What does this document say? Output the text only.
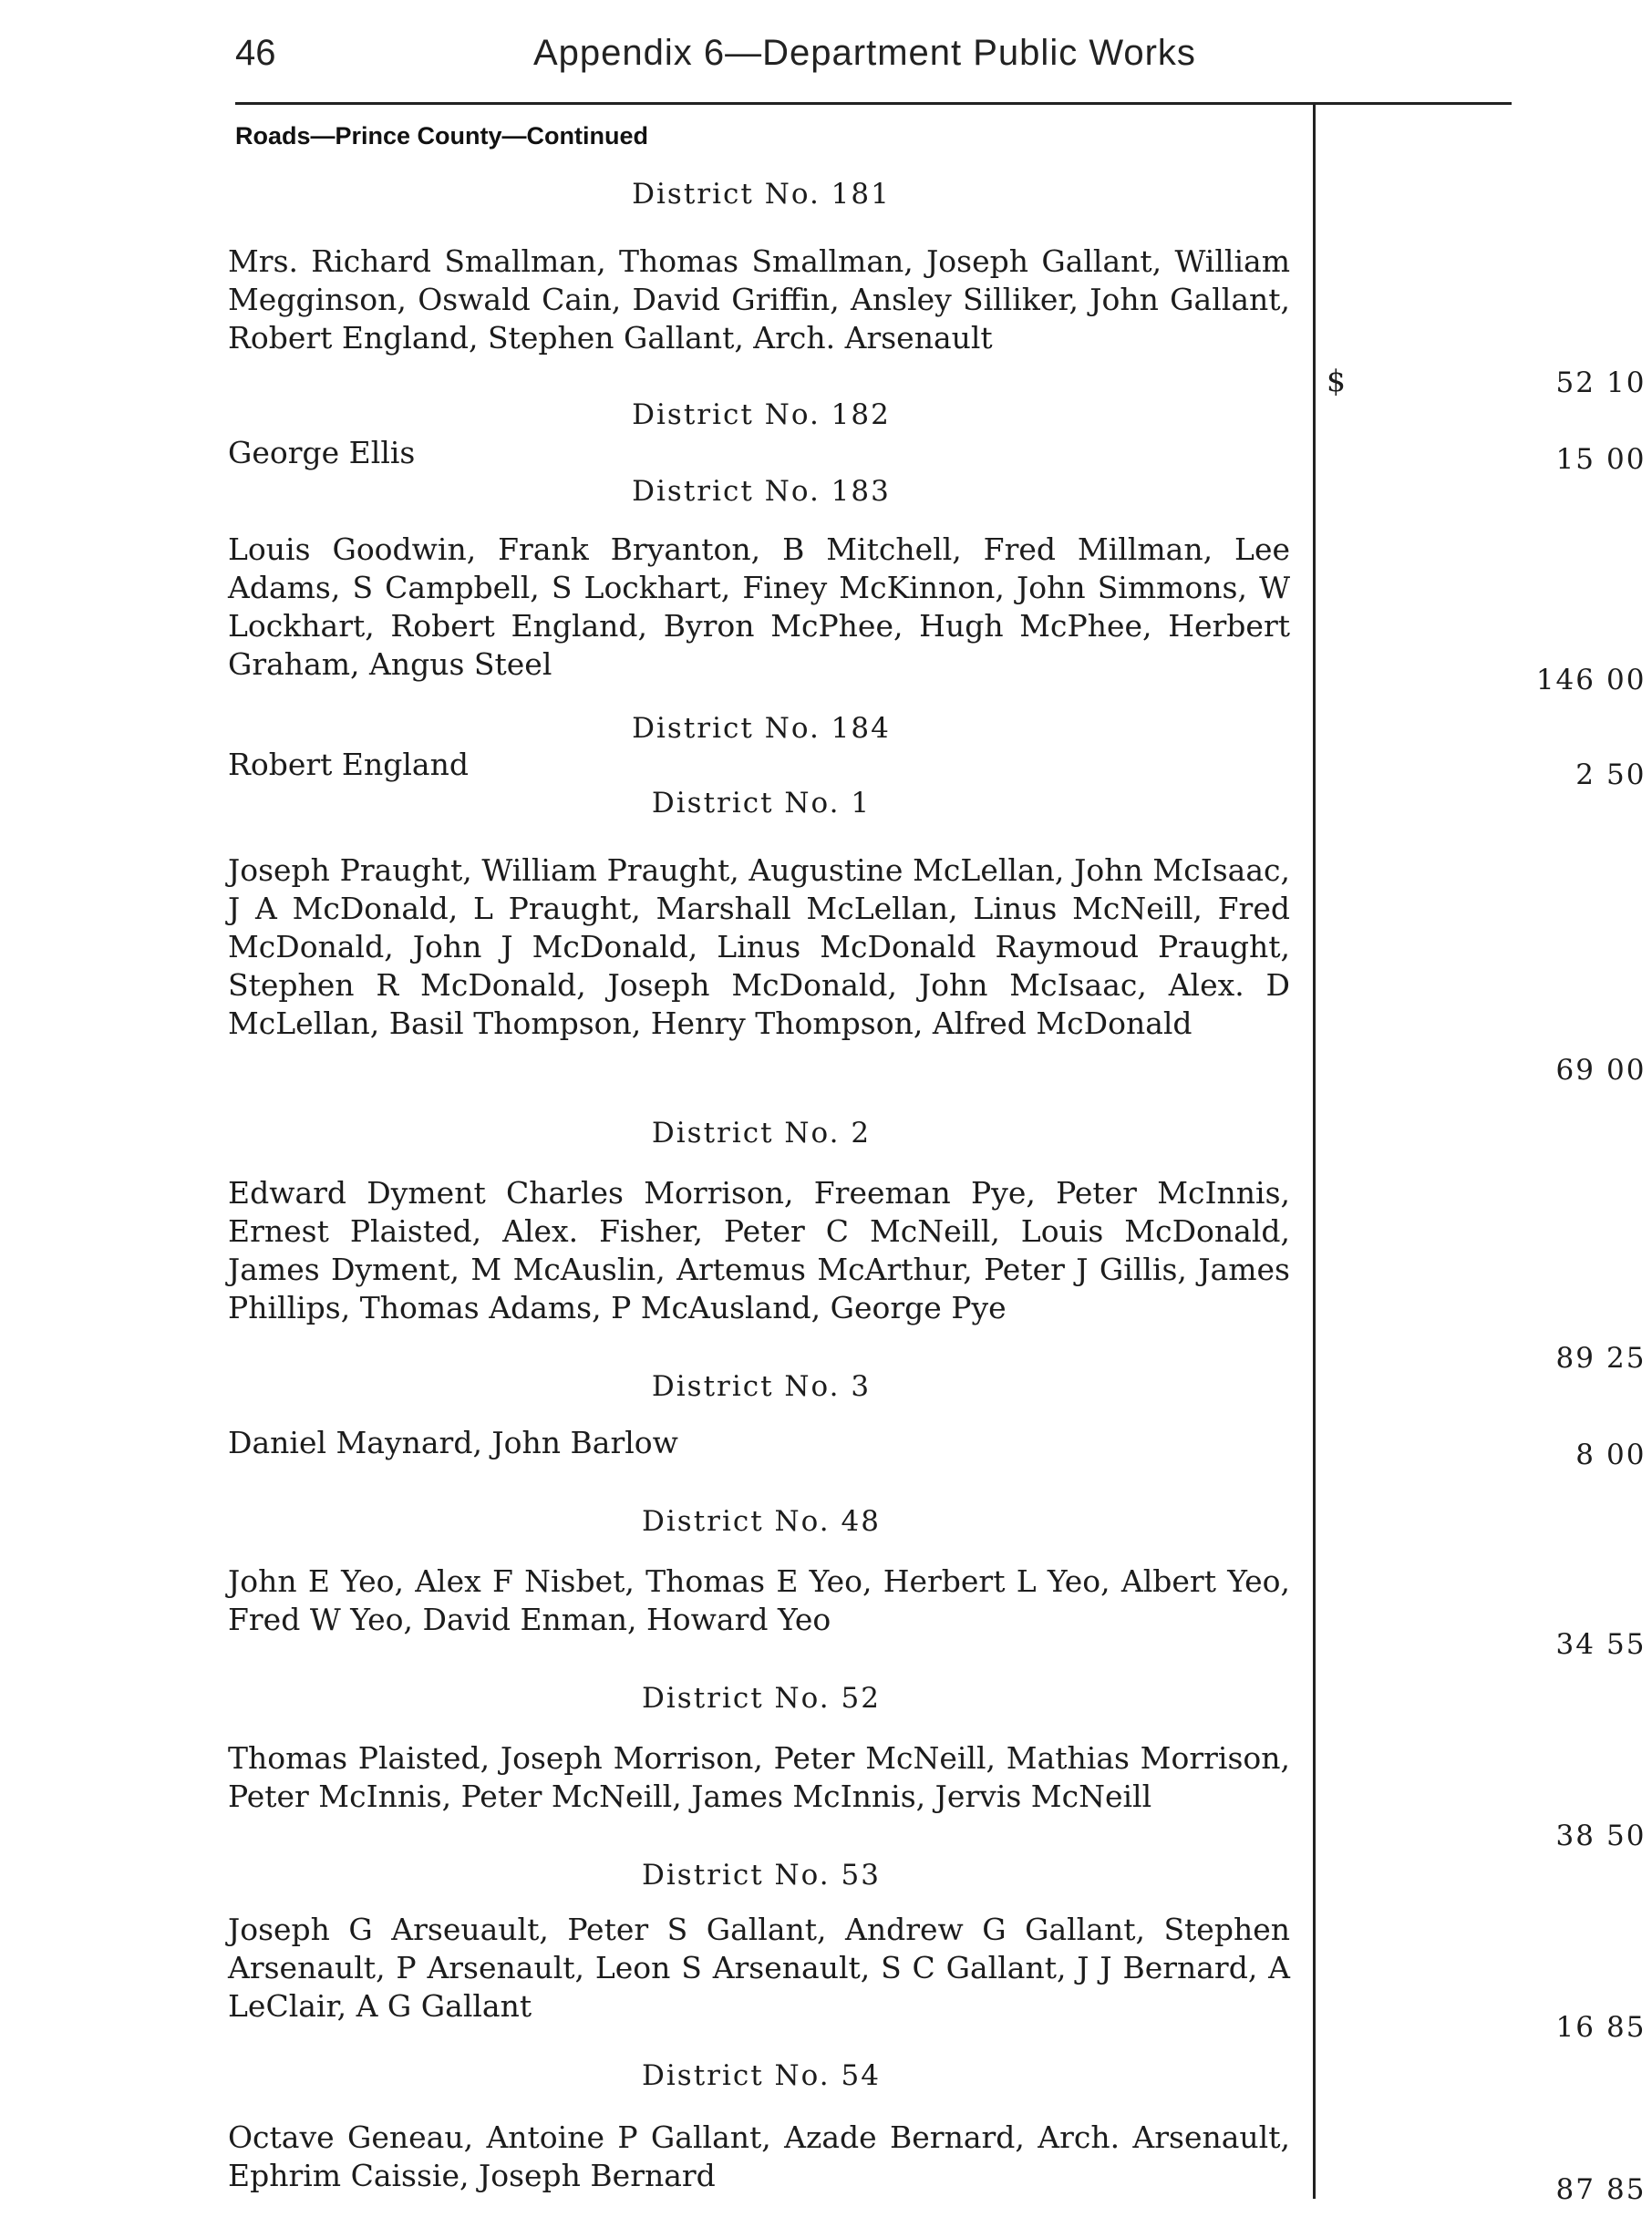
46	Appendix 6—Department Public Works
Roads—Prince County—Continued
$
District No. 181
Mrs. Richard Smallman, Thomas Smallman, Joseph Gallant, William Megginson, Oswald Cain, David Griffin, Ansley Silliker, John Gallant, Robert England, Stephen Gallant, Arch. Arsenault
52 10
District No. 182
George Ellis	15 00
District No. 183
Louis Goodwin, Frank Bryanton, B Mitchell, Fred Millman, Lee Adams, S Campbell, S Lockhart, Finey McKinnon, John Simmons, W Lockhart, Robert England, Byron McPhee, Hugh McPhee, Herbert Graham, Angus Steel	146 00
District No. 184
Robert England	2 50
District No. 1
Joseph Praught, William Praught, Augustine McLellan, John McIsaac, J A McDonald, L Praught, Marshall McLellan, Linus McNeill, Fred McDonald, John J McDonald, Linus McDonald Raymoud Praught, Stephen R McDonald, Joseph McDonald, John McIsaac, Alex. D McLellan, Basil Thompson, Henry Thompson, Alfred McDonald
69 00
District No. 2
Edward Dyment Charles Morrison, Freeman Pye, Peter McInnis, Ernest Plaisted, Alex. Fisher, Peter C McNeill, Louis McDonald, James Dyment, M McAuslin, Artemus McArthur, Peter J Gillis, James Phillips, Thomas Adams, P McAusland, George Pye
89 25
District No. 3
Daniel Maynard, John Barlow	8 00
District No. 48
John E Yeo, Alex F Nisbet, Thomas E Yeo, Herbert L Yeo, Albert Yeo, Fred W Yeo, David Enman, Howard Yeo
34 55
District No. 52
Thomas Plaisted, Joseph Morrison, Peter McNeill, Mathias Morrison, Peter McInnis, Peter McNeill, James McInnis, Jervis McNeill
38 50
District No. 53
Joseph G Arseuault, Peter S Gallant, Andrew G Gallant, Stephen Arsenault, P Arsenault, Leon S Arsenault, S C Gallant, J J Bernard, A LeClair, A G Gallant
16 85
District No. 54
Octave Geneau, Antoine P Gallant, Azade Bernard, Arch. Arsenault, Ephrim Caissie, Joseph Bernard	87 85
